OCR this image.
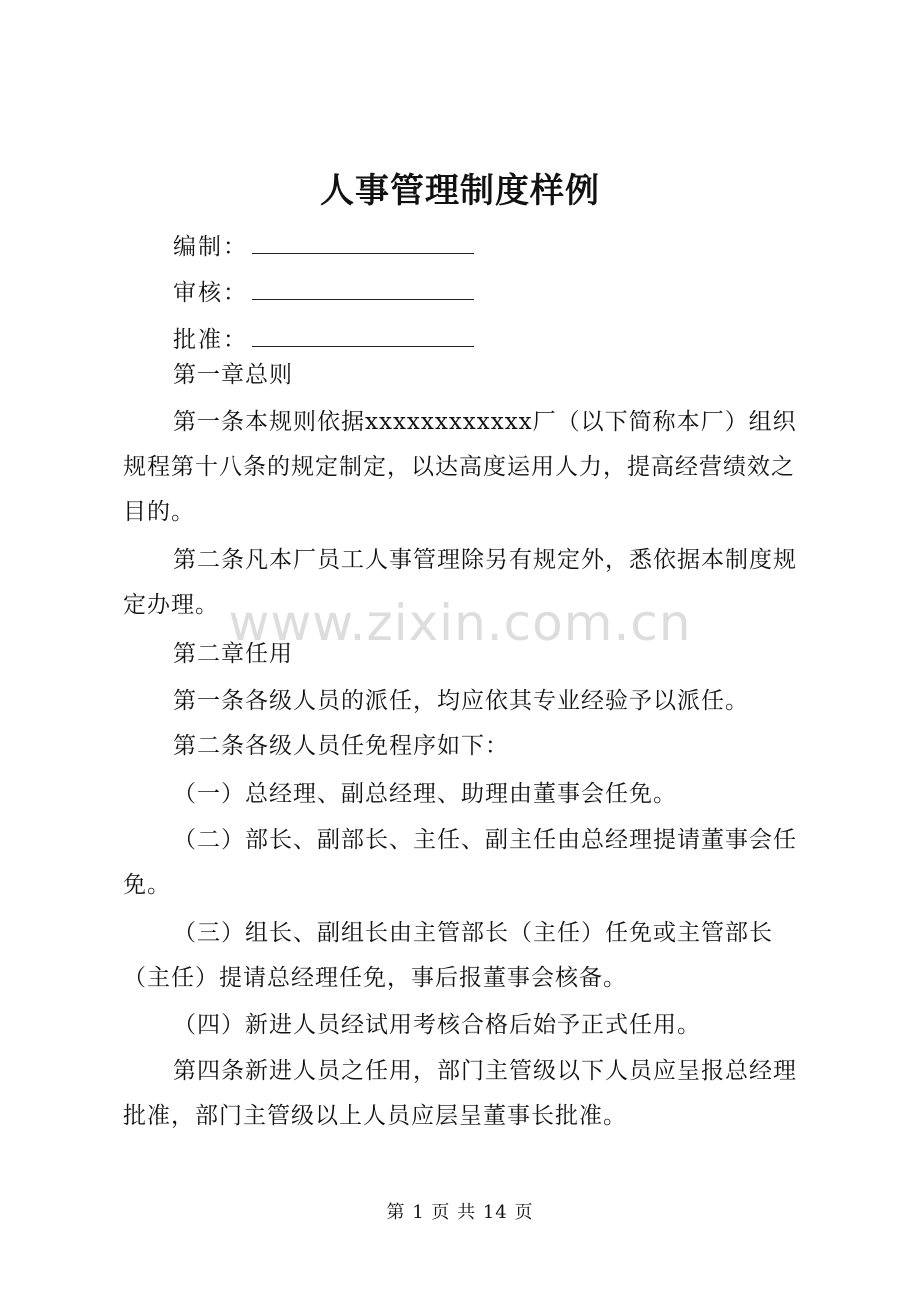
人事管理制度样例
编制：
审核：
批准：
第一章总则
第一条本规则依据xxxxxxxxxxxx厂（以下简称本厂）组织规程第十八条的规定制定，以达高度运用人力，提高经营绩效之目的。
第二条凡本厂员工人事管理除另有规定外，悉依据本制度规定办理。
第二章任用
第一条各级人员的派任，均应依其专业经验予以派任。
第二条各级人员任免程序如下：
（一）总经理、副总经理、助理由董事会任免。
（二）部长、副部长、主任、副主任由总经理提请董事会任免。
（三）组长、副组长由主管部长（主任）任免或主管部长（主任）提请总经理任免，事后报董事会核备。
（四）新进人员经试用考核合格后始予正式任用。
第四条新进人员之任用，部门主管级以下人员应呈报总经理批准，部门主管级以上人员应层呈董事长批准。
www.zixin.com.cn
第 1 页 共 14 页
